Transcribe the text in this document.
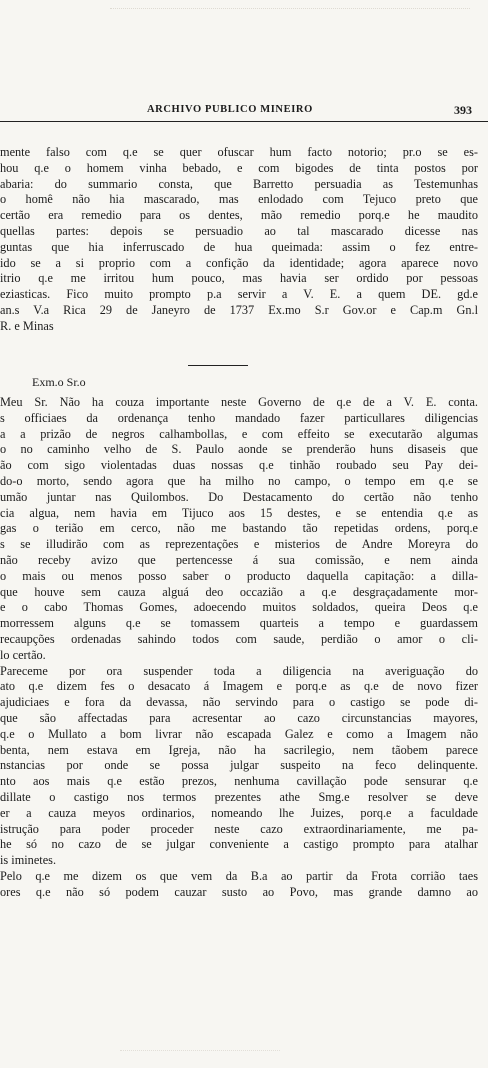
ARCHIVO PUBLICO MINEIRO	393
mente falso com q.e se quer ofuscar hum facto notorio; pr.o se es-
hou q.e o homem vinha bebado, e com bigodes de tinta postos por
abaria: do summario consta, que Barretto persuadia as Testemunhas
o homê não hia mascarado, mas enlodado com Tejuco preto que
certão era remedio para os dentes, mão remedio porq.e he maudito
quellas partes: depois se persuadio ao tal mascarado dicesse nas
guntas que hia inferruscado de hua queimada: assim o fez entre-
ido se a si proprio com a confição da identidade; agora aparece novo
itrio q.e me irritou hum pouco, mas havia ser ordido por pessoas
eziasticas. Fico muito prompto p.a servir a V. E. a quem DE. gd.e
an.s V.a Rica 29 de Janeyro de 1737 Ex.mo S.r Gov.or e Cap.m Gn.l
R. e Minas
Exm.o Sr.o
Meu Sr. Não ha couza importante neste Governo de q.e de a V. E. conta.
s officiaes da ordenança tenho mandado fazer particullares diligencias
a a prizão de negros calhambollas, e com effeito se executarão algumas
o no caminho velho de S. Paulo aonde se prenderão huns disaseis que
ão com sigo violentadas duas nossas q.e tinhão roubado seu Pay dei-
do-o morto, sendo agora que ha milho no campo, o tempo em q.e se
umão juntar nas Quilombos. Do Destacamento do certão não tenho
cia algua, nem havia em Tijuco aos 15 destes, e se entendia q.e as
gas o terião em cerco, não me bastando tão repetidas ordens, porq.e
s se illudirão com as reprezentações e misterios de Andre Moreyra do
não receby avizo que pertencesse á sua comissão, e nem ainda
o mais ou menos posso saber o producto daquella capitação: a dilla-
que houve sem cauza alguá deo occazião a q.e desgraçadamente mor-
e o cabo Thomas Gomes, adoecendo muitos soldados, queira Deos q.e
morressem alguns q.e se tomassem quarteis a tempo e guardassem
recaupções ordenadas sahindo todos com saude, perdião o amor o cli-
lo certão.
Pareceme por ora suspender toda a diligencia na averiguação do
ato q.e dizem fes o desacato á Imagem e porq.e as q.e de novo fizer
ajudiciaes e fora da devassa, não servindo para o castigo se pode di-
que são affectadas para acresentar ao cazo circunstancias mayores,
q.e o Mullato a bom livrar não escapada Galez e como a Imagem não
benta, nem estava em Igreja, não ha sacrilegio, nem tãobem parece
nstancias por onde se possa julgar suspeito na feco delinquente.
nto aos mais q.e estão prezos, nenhuma cavillação pode sensurar q.e
dillate o castigo nos termos prezentes athe Smg.e resolver se deve
er a cauza meyos ordinarios, nomeando lhe Juizes, porq.e a faculdade
istrução para poder proceder neste cazo extraordinariamente, me pa-
he só no cazo de se julgar conveniente a castigo prompto para atalhar
is iminetes.
Pelo q.e me dizem os que vem da B.a ao partir da Frota corrião taes
ores q.e não só podem cauzar susto ao Povo, mas grande damno ao
